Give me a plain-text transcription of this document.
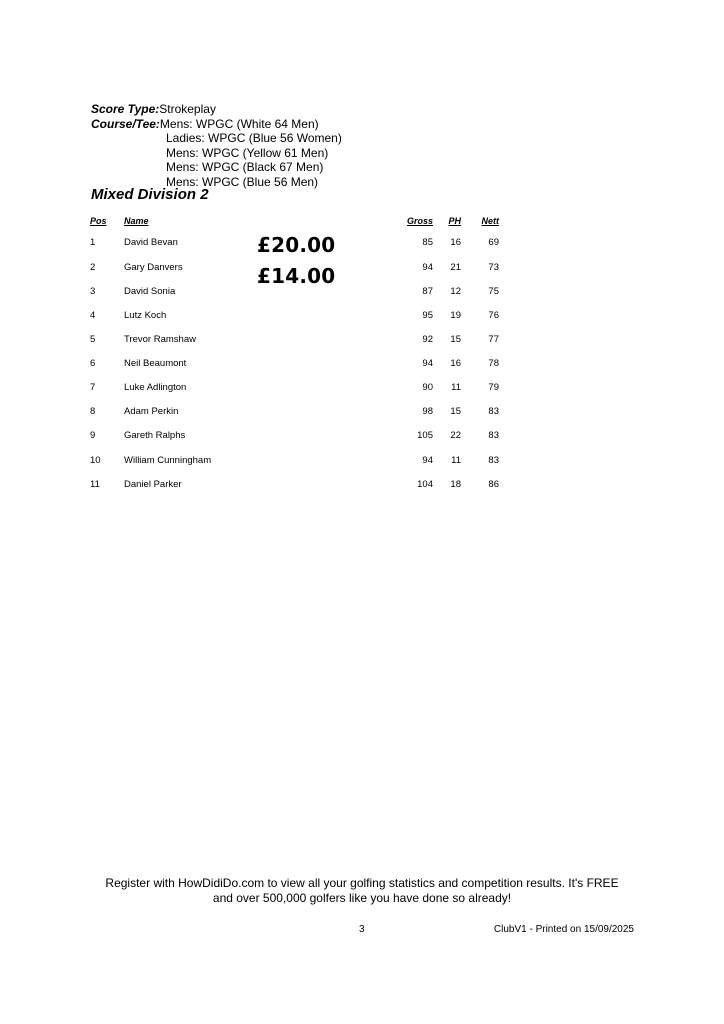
Score Type:Strokeplay
Course/Tee:Mens: WPGC (White 64 Men)
Ladies: WPGC (Blue 56 Women)
Mens: WPGC (Yellow 61 Men)
Mens: WPGC (Black 67 Men)
Mens: WPGC (Blue 56 Men)
Mixed Division 2
Pos Name	Gross PH Nett
1	David Bevan	85 16	69
2	Gary Danvers	94 21	73
3	David Sonia	87 12	75
4	Lutz Koch	95 19	76
5	Trevor Ramshaw	92 15	77
6	Neil Beaumont	94 16	78
7	Luke Adlington	90 11	79
8	Adam Perkin	98 15	83
9	Gareth Ralphs	105 22	83
10 William Cunningham	94 11	83
11	Daniel Parker	104 18	86
£20.00
£14.00
Register with HowDidiDo.com to view all your golfing statistics and competition results. It's FREE
and over 500,000 golfers like you have done so already!
3	ClubV1 - Printed on 15/09/2025
